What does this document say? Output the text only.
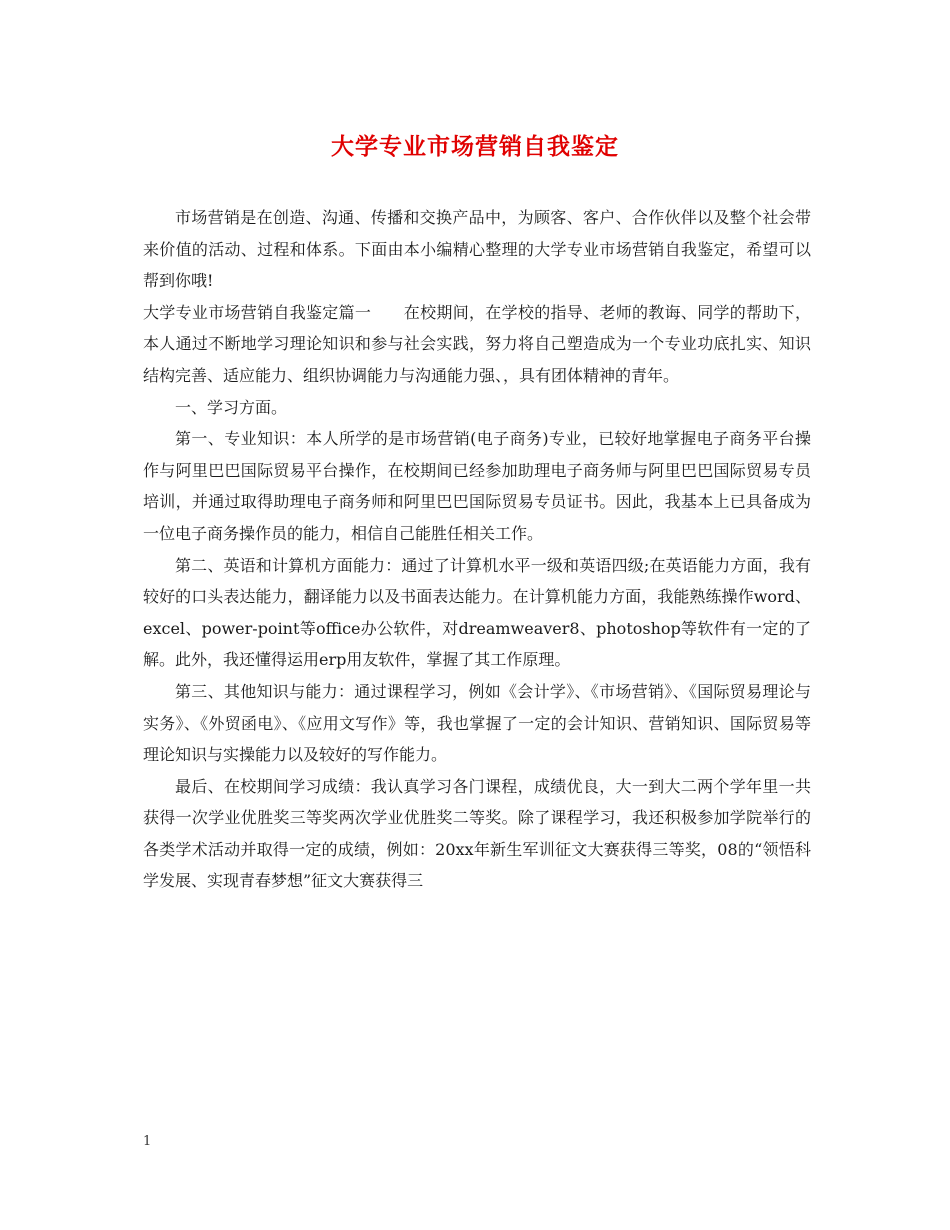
大学专业市场营销自我鉴定

市场营销是在创造、沟通、传播和交换产品中，为顾客、客户、合作伙伴以及整个社会带来价值的活动、过程和体系。下面由本小编精心整理的大学专业市场营销自我鉴定，希望可以帮到你哦!

大学专业市场营销自我鉴定篇一　　在校期间，在学校的指导、老师的教诲、同学的帮助下，本人通过不断地学习理论知识和参与社会实践，努力将自己塑造成为一个专业功底扎实、知识结构完善、适应能力、组织协调能力与沟通能力强、，具有团体精神的青年。

一、学习方面。

第一、专业知识：本人所学的是市场营销(电子商务)专业，已较好地掌握电子商务平台操作与阿里巴巴国际贸易平台操作，在校期间已经参加助理电子商务师与阿里巴巴国际贸易专员培训，并通过取得助理电子商务师和阿里巴巴国际贸易专员证书。因此，我基本上已具备成为一位电子商务操作员的能力，相信自己能胜任相关工作。

第二、英语和计算机方面能力：通过了计算机水平一级和英语四级;在英语能力方面，我有较好的口头表达能力，翻译能力以及书面表达能力。在计算机能力方面，我能熟练操作word、excel、power-point等office办公软件，对dreamweaver8、photoshop等软件有一定的了解。此外，我还懂得运用erp用友软件，掌握了其工作原理。

第三、其他知识与能力：通过课程学习，例如《会计学》、《市场营销》、《国际贸易理论与实务》、《外贸函电》、《应用文写作》等，我也掌握了一定的会计知识、营销知识、国际贸易等理论知识与实操能力以及较好的写作能力。

最后、在校期间学习成绩：我认真学习各门课程，成绩优良，大一到大二两个学年里一共获得一次学业优胜奖三等奖两次学业优胜奖二等奖。除了课程学习，我还积极参加学院举行的各类学术活动并取得一定的成绩，例如：20xx年新生军训征文大赛获得三等奖，08的“领悟科学发展、实现青春梦想”征文大赛获得三

1
